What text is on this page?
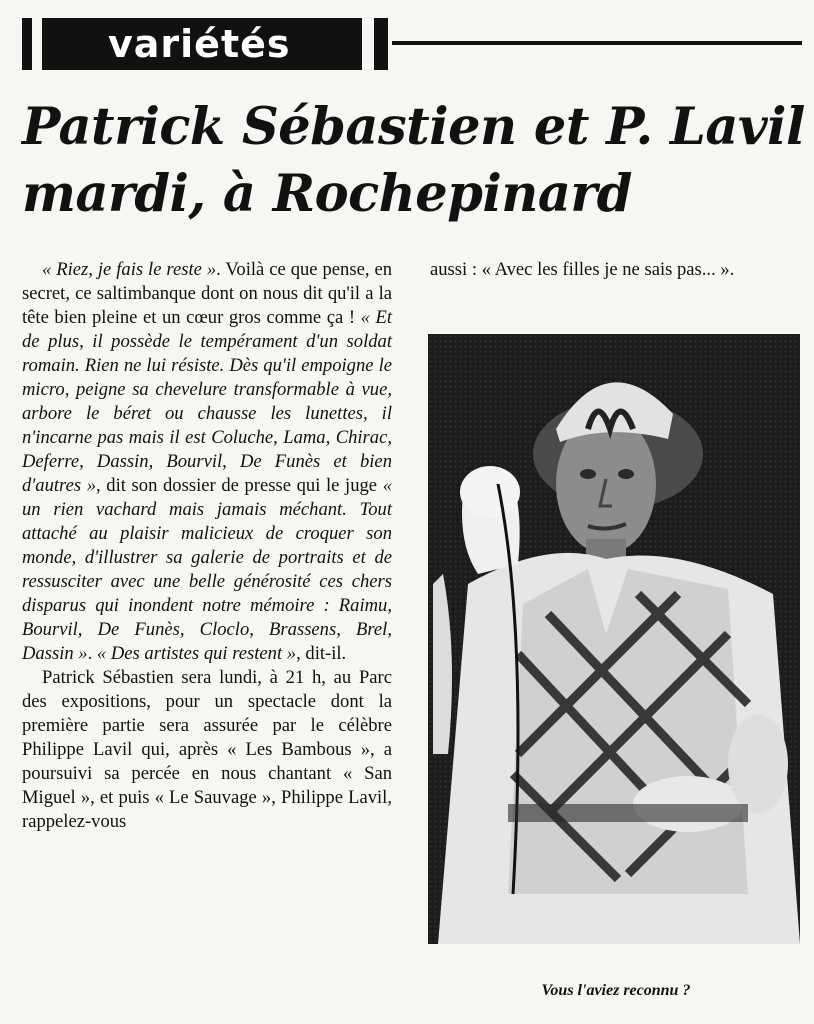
variétés
Patrick Sébastien et P. Lavil
mardi, à Rochepinard

« Riez, je fais le reste ». Voilà ce que pense, en secret, ce saltimbanque dont on nous dit qu'il a la tête bien pleine et un cœur gros comme ça ! « Et de plus, il possède le tempérament d'un soldat romain. Rien ne lui résiste. Dès qu'il empoigne le micro, peigne sa chevelure transformable à vue, arbore le béret ou chausse les lunettes, il n'incarne pas mais il est Coluche, Lama, Chirac, Deferre, Dassin, Bourvil, De Funès et bien d'autres », dit son dossier de presse qui le juge « un rien vachard mais jamais méchant. Tout attaché au plaisir malicieux de croquer son monde, d'illustrer sa galerie de portraits et de ressusciter avec une belle générosité ces chers disparus qui inondent notre mémoire : Raimu, Bourvil, De Funès, Cloclo, Brassens, Brel, Dassin ». « Des artistes qui restent », dit-il.

Patrick Sébastien sera lundi, à 21 h, au Parc des expositions, pour un spectacle dont la première partie sera assurée par le célèbre Philippe Lavil qui, après « Les Bambous », a poursuivi sa percée en nous chantant « San Miguel », et puis « Le Sauvage », Philippe Lavil, rappelez-vous

aussi : « Avec les filles je ne sais pas... ».
Vous l'aviez reconnu ?
